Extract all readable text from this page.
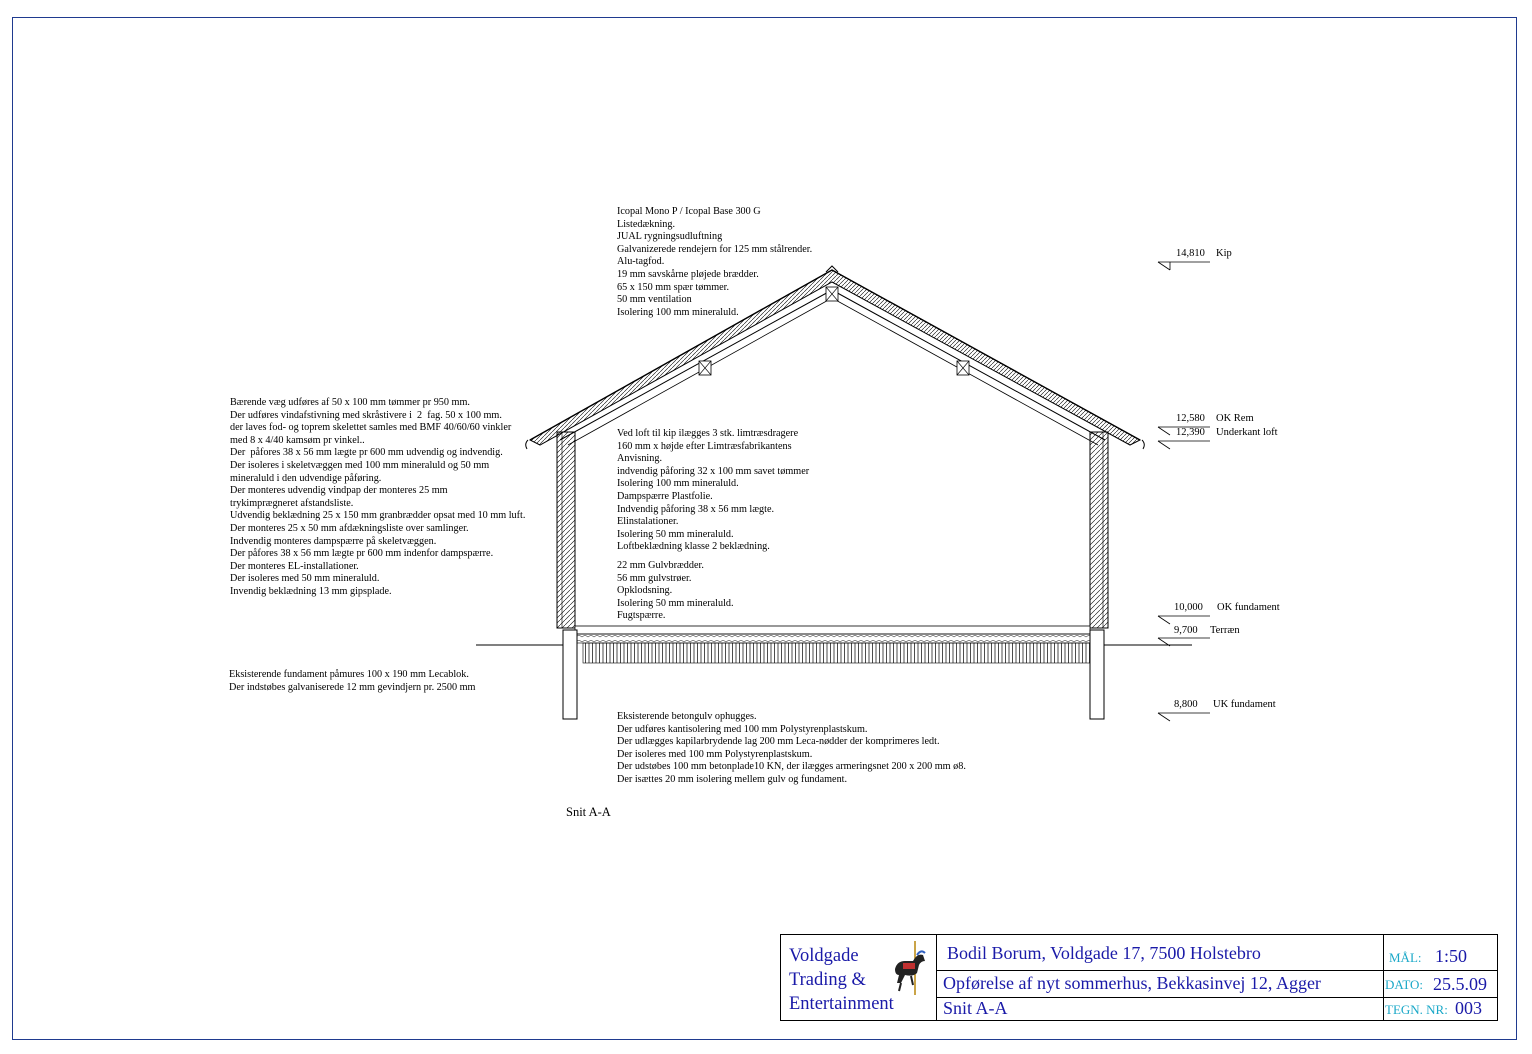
Icopal Mono P / Icopal Base 300 G
Listedækning.
JUAL rygningsudluftning
Galvanizerede rendejern for 125 mm stålrender.
Alu-tagfod.
19 mm savskårne pløjede brædder.
65 x 150 mm spær tømmer.
50 mm ventilation
Isolering 100 mm mineraluld.
Bærende væg udføres af 50 x 100 mm tømmer pr 950 mm.
Der udføres vindafstivning med skråstivere i  2  fag. 50 x 100 mm.
der laves fod- og toprem skelettet samles med BMF 40/60/60 vinkler
med 8 x 4/40 kamsøm pr vinkel..
Der  påfores 38 x 56 mm lægte pr 600 mm udvendig og indvendig.
Der isoleres i skeletvæggen med 100 mm mineraluld og 50 mm
mineraluld i den udvendige påføring.
Der monteres udvendig vindpap der monteres 25 mm
trykimprægneret afstandsliste.
Udvendig beklædning 25 x 150 mm granbrædder opsat med 10 mm luft.
Der monteres 25 x 50 mm afdækningsliste over samlinger.
Indvendig monteres dampspærre på skeletvæggen.
Der påfores 38 x 56 mm lægte pr 600 mm indenfor dampspærre.
Der monteres EL-installationer.
Der isoleres med 50 mm mineraluld.
Invendig beklædning 13 mm gipsplade.
Ved loft til kip ilægges 3 stk. limtræsdragere
160 mm x højde efter Limtræsfabrikantens
Anvisning.
indvendig påforing 32 x 100 mm savet tømmer
Isolering 100 mm mineraluld.
Dampspærre Plastfolie.
Indvendig påforing 38 x 56 mm lægte.
Elinstalationer.
Isolering 50 mm mineraluld.
Loftbeklædning klasse 2 beklædning.
22 mm Gulvbrædder.
56 mm gulvstrøer.
Opklodsning.
Isolering 50 mm mineraluld.
Fugtspærre.
Eksisterende fundament påmures 100 x 190 mm Lecablok.
Der indstøbes galvaniserede 12 mm gevindjern pr. 2500 mm
Eksisterende betongulv ophugges.
Der udføres kantisolering med 100 mm Polystyrenplastskum.
Der udlægges kapilarbrydende lag 200 mm Leca-nødder der komprimeres ledt.
Der isoleres med 100 mm Polystyrenplastskum.
Der udstøbes 100 mm betonplade10 KN, der ilægges armeringsnet 200 x 200 mm ø8.
Der isættes 20 mm isolering mellem gulv og fundament.
14,810 Kip
12,580 OK Rem
12,390 Underkant loft
10,000 OK fundament
9,700 Terræn
8,800 UK fundament
Snit A-A
Voldgade
Trading &
Entertainment
Bodil Borum, Voldgade 17, 7500 Holstebro
Opførelse af nyt sommerhus, Bekkasinvej 12, Agger
Snit A-A
MÅL: 1:50
DATO: 25.5.09
TEGN. NR: 003
